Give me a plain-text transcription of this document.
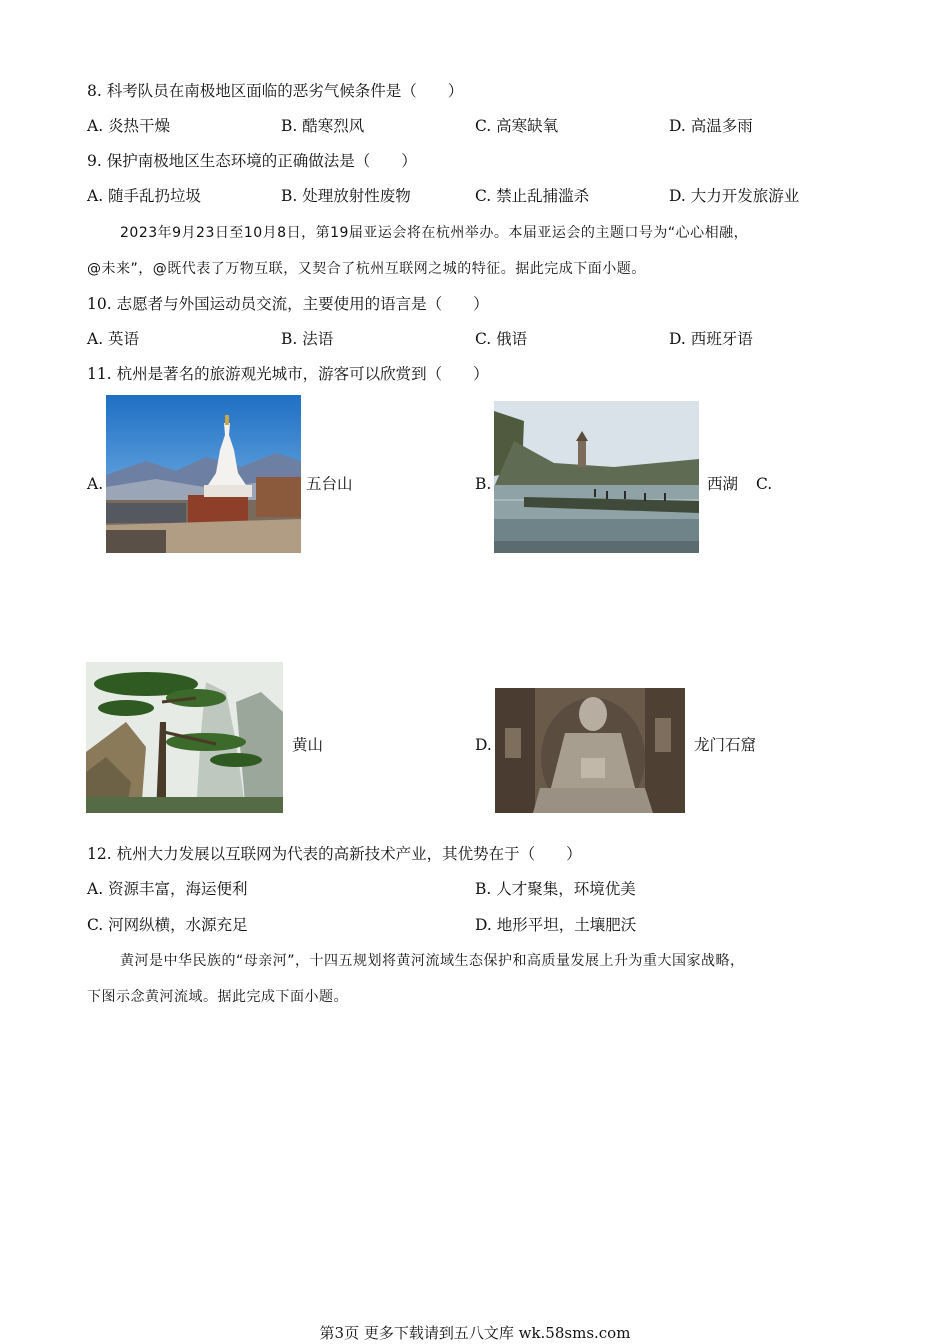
8. 科考队员在南极地区面临的恶劣气候条件是（　　）
A. 炎热干燥	B. 酷寒烈风	C. 高寒缺氧	D. 高温多雨
9. 保护南极地区生态环境的正确做法是（　　）
A. 随手乱扔垃圾	B. 处理放射性废物	C. 禁止乱捕滥杀	D. 大力开发旅游业
2023年9月23日至10月8日，第19届亚运会将在杭州举办。本届亚运会的主题口号为“心心相融，
@未来”，@既代表了万物互联，又契合了杭州互联网之城的特征。据此完成下面小题。
10. 志愿者与外国运动员交流，主要使用的语言是（　　）
A. 英语	B. 法语	C. 俄语	D. 西班牙语
11. 杭州是著名的旅游观光城市，游客可以欣赏到（　　）
A.	五台山	B.	西湖 C.
黄山	D.	龙门石窟
12. 杭州大力发展以互联网为代表的高新技术产业，其优势在于（　　）
A. 资源丰富，海运便利	B. 人才聚集，环境优美
C. 河网纵横，水源充足	D. 地形平坦，土壤肥沃
黄河是中华民族的“母亲河”，十四五规划将黄河流域生态保护和高质量发展上升为重大国家战略，
下图示念黄河流域。据此完成下面小题。
第3页 更多下载请到五八文库 wk.58sms.com
